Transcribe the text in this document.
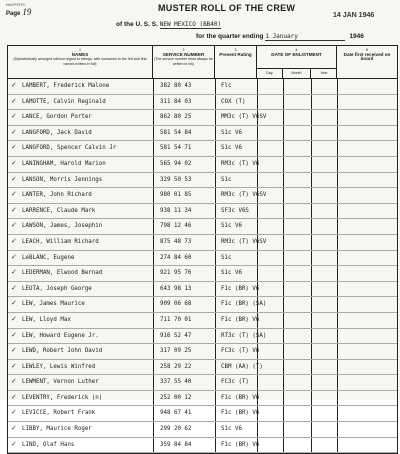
NAVPERS-
Page 19	MUSTER ROLL OF THE CREW
14 JAN 1946
of the U. S. S. NEW MEXICO (BB40)
for the quarter ending 1 January	1946
1
NAMES
(Alphabetically arranged without regard to ratings, with surnames to the left and first names written in full)
2
SERVICE NUMBER
(The service number must always be written in ink)
3
Present Rating
4
DATE OF ENLISTMENT
Day	Month	Year
5
Date first received on board
✓ LAMBERT, Frederick Malone	382 80 43	Flc
✓ LAMOTTE, Calvin Reginald	311 84 03	COX (T)
✓ LANCE, Gordon Porter	862 80 25	MM3c (T) V6SV
✓ LANGFORD, Jack David	581 54 84	S1c V6
✓ LANGFORD, Spencer Calvin Jr	581 54 71	S1c V6
✓ LANINGHAM, Harold Marion	565 94 02	RM3c (T) V6
✓ LANSON, Morris Jennings	329 50 53	S1c
✓ LANTER, John Richard	980 01 85	RM3c (T) V6SV
✓ LARRENCE, Claude Mark	938 11 34	SF3c V6S
✓ LAWSON, James, Josephin	798 12 46	S1c V6
✓ LEACH, William Richard	875 48 73	RM3c (T) V6SV
✓ LeBLANC, Eugene	274 84 60	S1c
✓ LEDERMAN, Elwood Bernad	921 95 76	S1c V6
✓ LEOTA, Joseph George	643 98 13	F1c (BR) V6
✓ LEW, James Maurice	909 06 68	F1c (BR) (SA)
✓ LEW, Lloyd Max	711 70 01	F1c (BR) V6
✓ LEW, Howard Eugene Jr.	916 52 47	RT3c (T) (SA)
✓ LEWD, Robert John David	317 09 25	FC3c (T) V6
✓ LEWLEY, Lewis Winfred	258 29 22	CBM (AA) (T)
✓ LEWMENT, Vernon Luther	337 55 40	FC3c (T)
✓ LEVENTRY, Frederick (n)	252 00 12	F1c (BR) V6
✓ LEVICCE, Robert Frank	948 67 41	F1c (BR) V6
✓ LIBBY, Maurice Roger	299 20 62	S1c V6
✓ LIND, Olaf Hans	359 84 84	F1c (BR) V6
